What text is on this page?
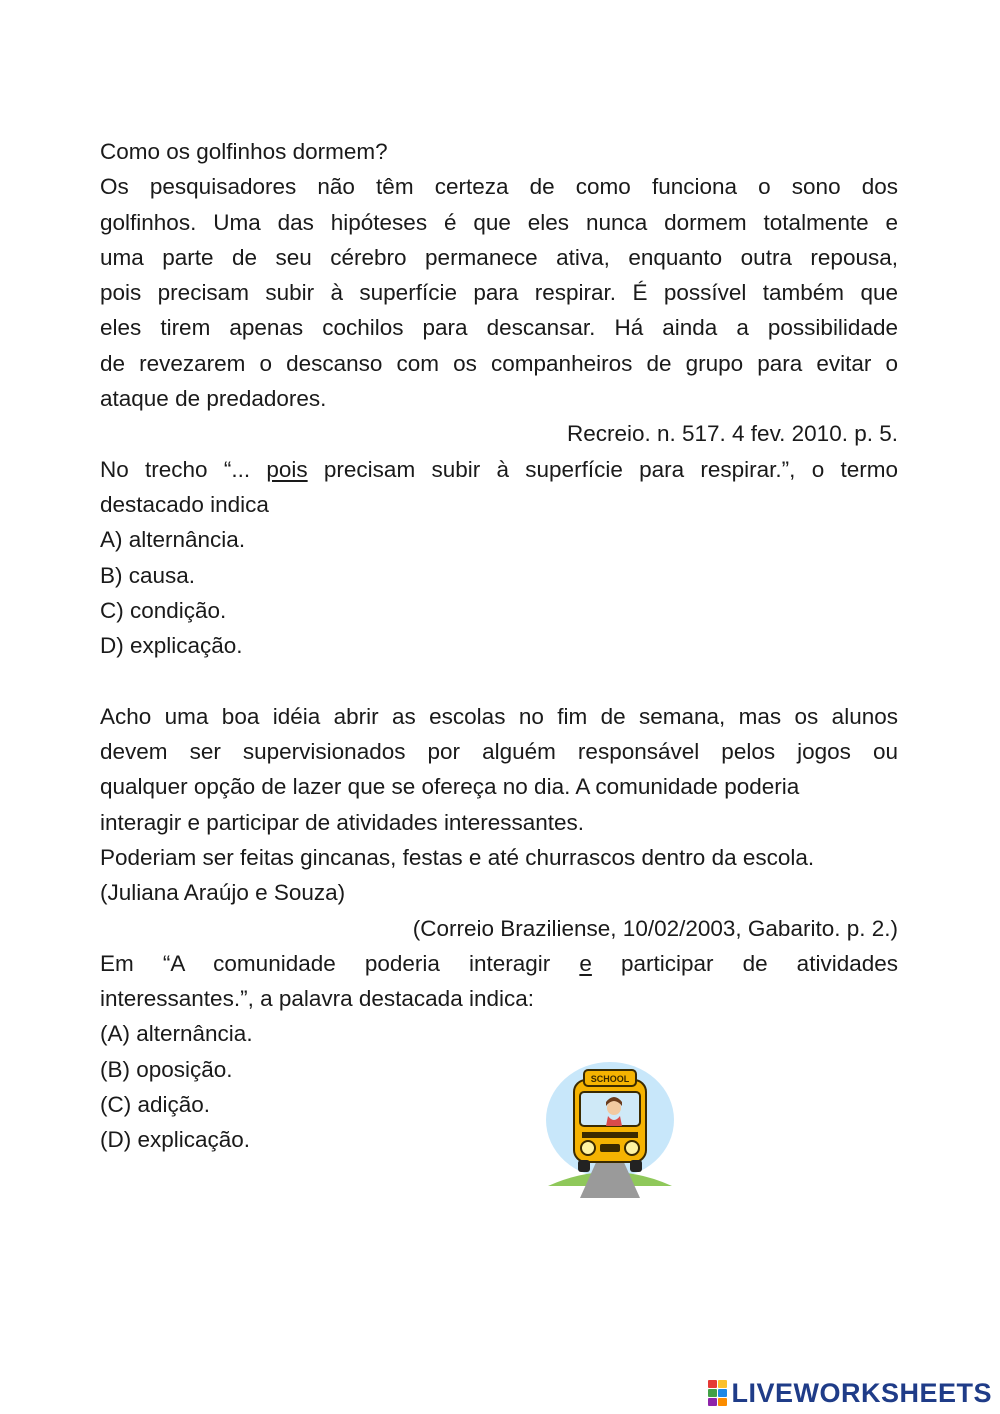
Como os golfinhos dormem?
Os pesquisadores não têm certeza de como funciona o sono dos
golfinhos. Uma das hipóteses é que eles nunca dormem totalmente e
uma parte de seu cérebro permanece ativa, enquanto outra repousa,
pois precisam subir à superfície para respirar. É possível também que
eles tirem apenas cochilos para descansar. Há ainda a possibilidade
de revezarem o descanso com os companheiros de grupo para evitar o
ataque de predadores.
Recreio. n. 517. 4 fev. 2010. p. 5.
No trecho “... pois precisam subir à superfície para respirar.”, o termo
destacado indica
A) alternância.
B) causa.
C) condição.
D) explicação.
Acho uma boa idéia abrir as escolas no fim de semana, mas os alunos
devem ser supervisionados por alguém responsável pelos jogos ou
qualquer opção de lazer que se ofereça no dia. A comunidade poderia
interagir e participar de atividades interessantes.
Poderiam ser feitas gincanas, festas e até churrascos dentro da escola.
(Juliana Araújo e Souza)
(Correio Braziliense, 10/02/2003, Gabarito. p. 2.)
Em “A comunidade poderia interagir e participar de atividades
interessantes.”, a palavra destacada indica:
(A) alternância.
(B) oposição.
(C) adição.
(D) explicação.
SCHOOL
LIVEWORKSHEETS
